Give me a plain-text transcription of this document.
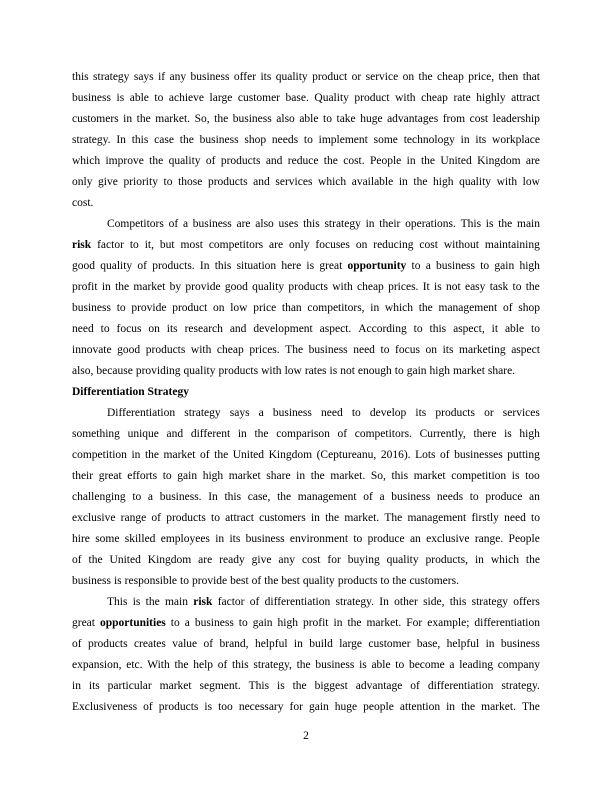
this strategy says if any business offer its quality product or service on the cheap price, then that
business is able to achieve large customer base. Quality product with cheap rate highly attract
customers in the market. So, the business also able to take huge advantages from cost leadership
strategy. In this case the business shop needs to implement some technology in its workplace
which improve the quality of products and reduce the cost. People in the United Kingdom are
only give priority to those products and services which available in the high quality with low
cost.
Competitors of a business are also uses this strategy in their operations. This is the main
risk factor to it, but most competitors are only focuses on reducing cost without maintaining
good quality of products. In this situation here is great opportunity to a business to gain high
profit in the market by provide good quality products with cheap prices. It is not easy task to the
business to provide product on low price than competitors, in which the management of shop
need to focus on its research and development aspect. According to this aspect, it able to
innovate good products with cheap prices. The business need to focus on its marketing aspect
also, because providing quality products with low rates is not enough to gain high market share.
Differentiation Strategy
Differentiation strategy says a business need to develop its products or services
something unique and different in the comparison of competitors. Currently, there is high
competition in the market of the United Kingdom (Ceptureanu, 2016). Lots of businesses putting
their great efforts to gain high market share in the market. So, this market competition is too
challenging to a business. In this case, the management of a business needs to produce an
exclusive range of products to attract customers in the market. The management firstly need to
hire some skilled employees in its business environment to produce an exclusive range. People
of the United Kingdom are ready give any cost for buying quality products, in which the
business is responsible to provide best of the best quality products to the customers.
This is the main risk factor of differentiation strategy. In other side, this strategy offers
great opportunities to a business to gain high profit in the market. For example; differentiation
of products creates value of brand, helpful in build large customer base, helpful in business
expansion, etc. With the help of this strategy, the business is able to become a leading company
in its particular market segment. This is the biggest advantage of differentiation strategy.
Exclusiveness of products is too necessary for gain huge people attention in the market. The
2
